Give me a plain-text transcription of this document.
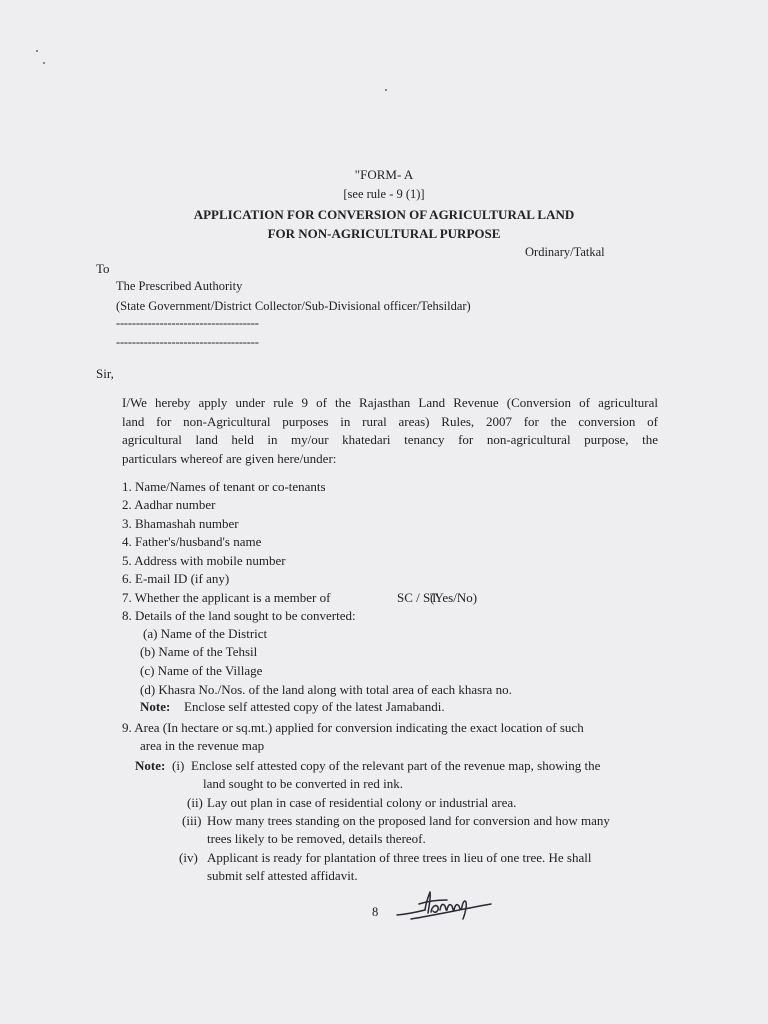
"FORM- A
[see rule - 9 (1)]
APPLICATION FOR CONVERSION OF AGRICULTURAL LAND
FOR NON-AGRICULTURAL PURPOSE
Ordinary/Tatkal
To
The Prescribed Authority
(State Government/District Collector/Sub-Divisional officer/Tehsildar)
------------------------------------
------------------------------------
Sir,
I/We hereby apply under rule 9 of the Rajasthan Land Revenue (Conversion of agricultural
land for non-Agricultural purposes in rural areas) Rules, 2007 for the conversion of
agricultural land held in my/our khatedari tenancy for non-agricultural purpose, the
particulars whereof are given here/under:
1. Name/Names of tenant or co-tenants
2. Aadhar number
3. Bhamashah number
4. Father's/husband's name
5. Address with mobile number
6. E-mail ID (if any)
7. Whether the applicant is a member of	SC / ST
(Yes/No)
8. Details of the land sought to be converted:
(a) Name of the District
(b) Name of the Tehsil
(c) Name of the Village
(d) Khasra No./Nos. of the land along with total area of each khasra no.
Note: Enclose self attested copy of the latest Jamabandi.
9. Area (In hectare or sq.mt.) applied for conversion indicating the exact location of such
area in the revenue map
Note: (i) Enclose self attested copy of the relevant part of the revenue map, showing the
land sought to be converted in red ink.
(ii) Lay out plan in case of residential colony or industrial area.
(iii) How many trees standing on the proposed land for conversion and how many
trees likely to be removed, details thereof.
(iv) Applicant is ready for plantation of three trees in lieu of one tree. He shall
submit self attested affidavit.
8
